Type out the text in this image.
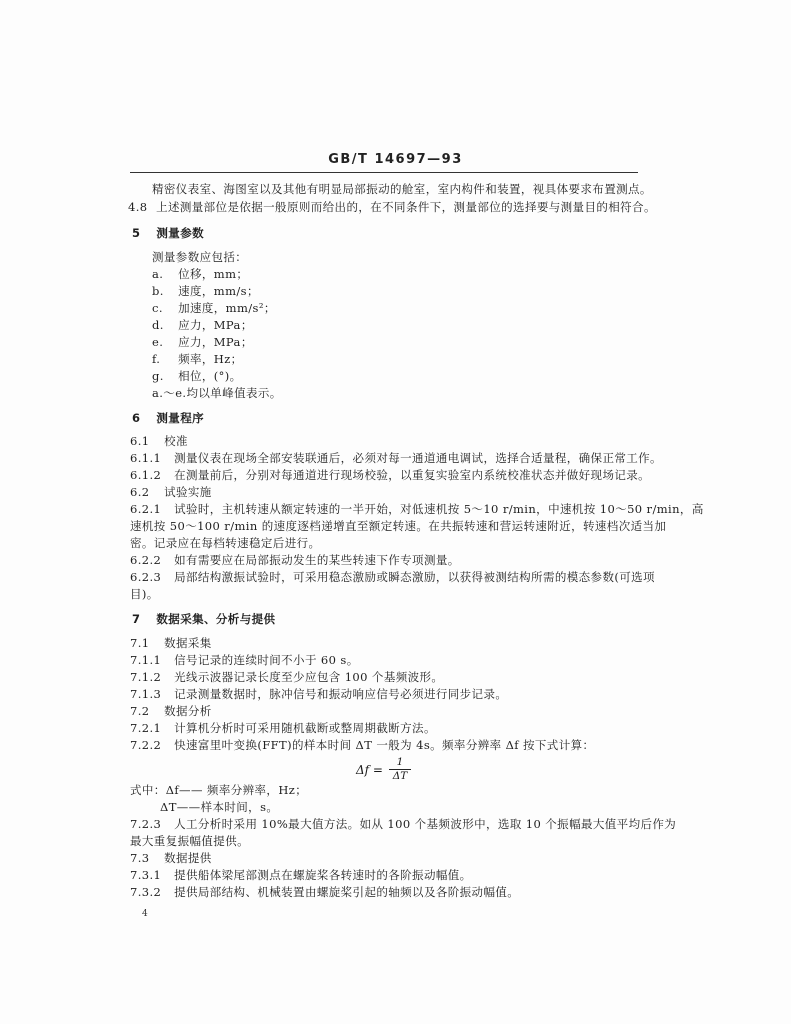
GB/T 14697—93
精密仪表室、海图室以及其他有明显局部振动的舱室，室内构件和装置，视具体要求布置测点。
4.8 上述测量部位是依据一般原则而给出的，在不同条件下，测量部位的选择要与测量目的相符合。
5 测量参数
测量参数应包括：
a. 位移，mm；
b. 速度，mm/s；
c. 加速度，mm/s²；
d. 应力，MPa；
e. 应力，MPa；
f. 频率，Hz；
g. 相位，(°)。
a.～e.均以单峰值表示。
6 测量程序
6.1 校准
6.1.1 测量仪表在现场全部安装联通后，必须对每一通道通电调试，选择合适量程，确保正常工作。
6.1.2 在测量前后，分别对每通道进行现场校验，以重复实验室内系统校准状态并做好现场记录。
6.2 试验实施
6.2.1 试验时，主机转速从额定转速的一半开始，对低速机按 5～10 r/min，中速机按 10～50 r/min，高
速机按 50～100 r/min 的速度逐档递增直至额定转速。在共振转速和营运转速附近，转速档次适当加
密。记录应在每档转速稳定后进行。
6.2.2 如有需要应在局部振动发生的某些转速下作专项测量。
6.2.3 局部结构激振试验时，可采用稳态激励或瞬态激励，以获得被测结构所需的模态参数(可选项
目)。
7 数据采集、分析与提供
7.1 数据采集
7.1.1 信号记录的连续时间不小于 60 s。
7.1.2 光线示波器记录长度至少应包含 100 个基频波形。
7.1.3 记录测量数据时，脉冲信号和振动响应信号必须进行同步记录。
7.2 数据分析
7.2.1 计算机分析时可采用随机截断或整周期截断方法。
7.2.2 快速富里叶变换(FFT)的样本时间 ΔT 一般为 4s。频率分辨率 Δf 按下式计算：
$\Delta f = \frac{1}{\Delta T}$
式中：Δf—— 频率分辨率，Hz；
ΔT——样本时间，s。
7.2.3 人工分析时采用 10%最大值方法。如从 100 个基频波形中，选取 10 个振幅最大值平均后作为
最大重复振幅值提供。
7.3 数据提供
7.3.1 提供船体梁尾部测点在螺旋桨各转速时的各阶振动幅值。
7.3.2 提供局部结构、机械装置由螺旋桨引起的轴频以及各阶振动幅值。
4
